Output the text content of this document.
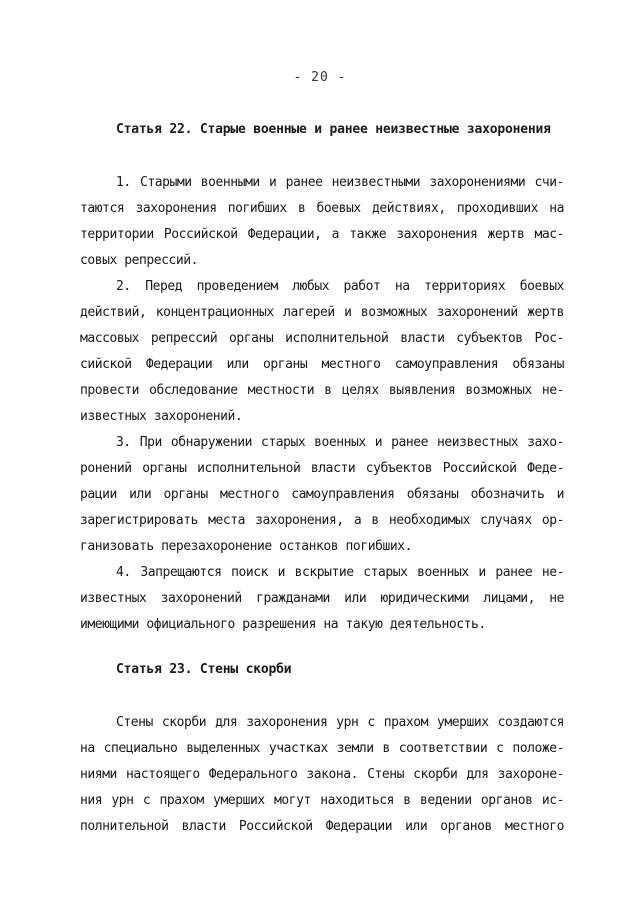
- 20 -
Статья 22. Старые военные и ранее неизвестные захоронения
1. Старыми военными и ранее неизвестными захоронениями счи-
таются захоронения погибших в боевых действиях, проходивших на
территории Российской Федерации, а также захоронения жертв мас-
совых репрессий.
2. Перед проведением любых работ на территориях боевых
действий, концентрационных лагерей и возможных захоронений жертв
массовых репрессий органы исполнительной власти субъектов Рос-
сийской Федерации или органы местного самоуправления обязаны
провести обследование местности в целях выявления возможных не-
известных захоронений.
3. При обнаружении старых военных и ранее неизвестных захо-
ронений органы исполнительной власти субъектов Российской Феде-
рации или органы местного самоуправления обязаны обозначить и
зарегистрировать места захоронения, а в необходимых случаях ор-
ганизовать перезахоронение останков погибших.
4. Запрещаются поиск и вскрытие старых военных и ранее не-
известных захоронений гражданами или юридическими лицами, не
имеющими официального разрешения на такую деятельность.
Статья 23. Стены скорби
Стены скорби для захоронения урн с прахом умерших создаются
на специально выделенных участках земли в соответствии с положе-
ниями настоящего Федерального закона. Стены скорби для захороне-
ния урн с прахом умерших могут находиться в ведении органов ис-
полнительной власти Российской Федерации или органов местного
